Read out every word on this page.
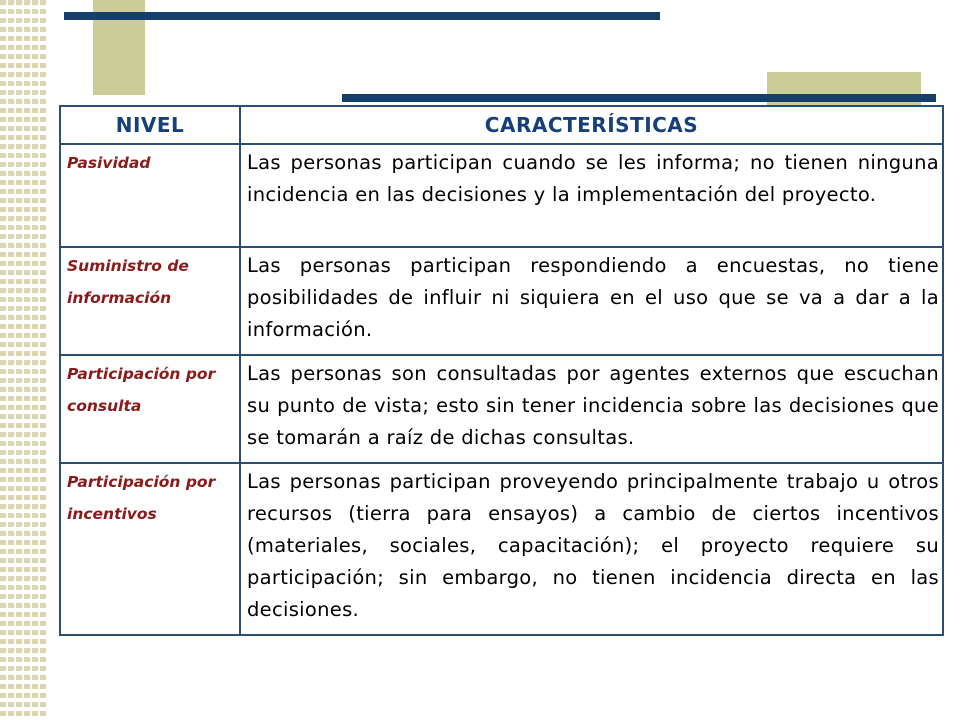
NIVEL	CARACTERÍSTICAS
Pasividad	Las personas participan cuando se les informa; no tienen ninguna incidencia en las decisiones y la implementación del proyecto.
Suministro de información	Las personas participan respondiendo a encuestas, no tiene posibilidades de influir ni siquiera en el uso que se va a dar a la información.
Participación por consulta	Las personas son consultadas por agentes externos que escuchan su punto de vista; esto sin tener incidencia sobre las decisiones que se tomarán a raíz de dichas consultas.
Participación por incentivos	Las personas participan proveyendo principalmente trabajo u otros recursos (tierra para ensayos) a cambio de ciertos incentivos (materiales, sociales, capacitación); el proyecto requiere su participación; sin embargo, no tienen incidencia directa en las decisiones.
